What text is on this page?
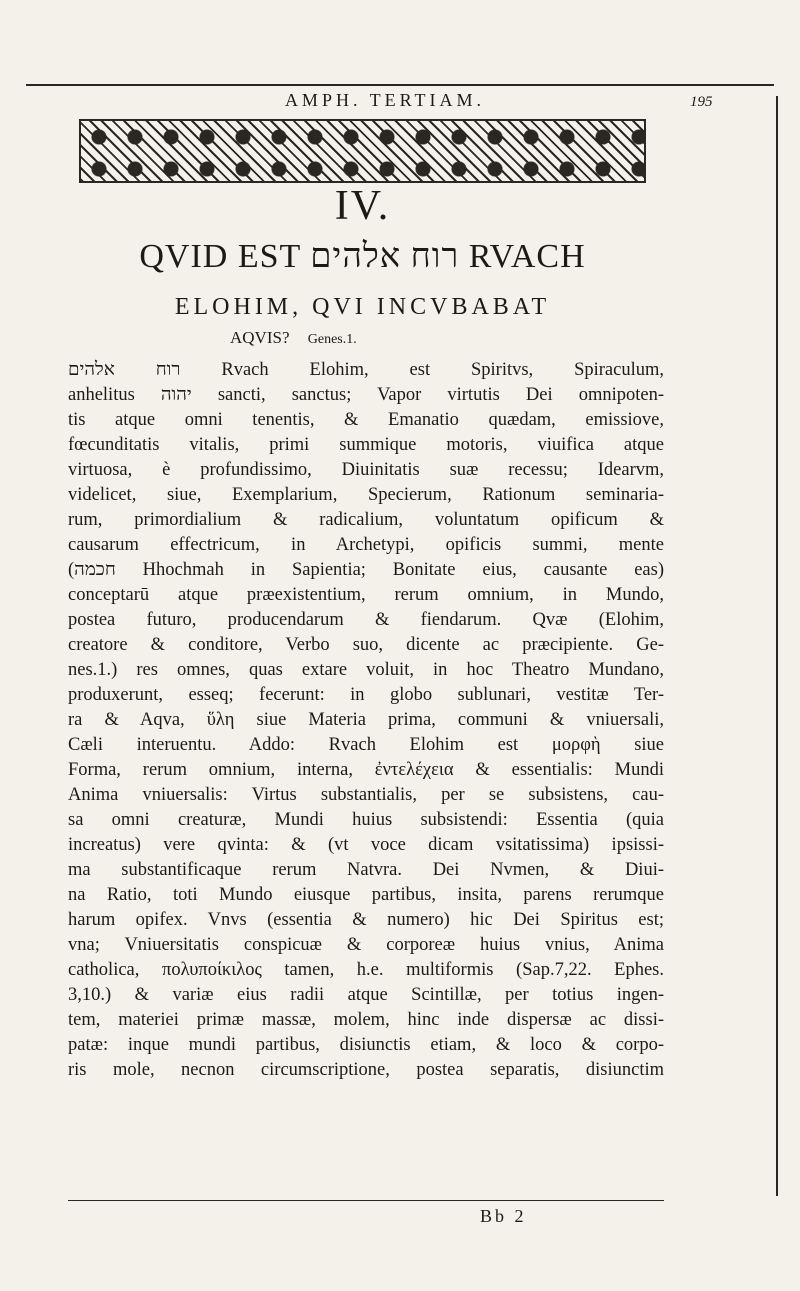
AMPH. TERTIAM.	195
IV.
QVID EST רוח אלהים RVACH
ELOHIM, QVI INCVBABAT
AQVIS? Genes.1.
רוח אלהים Rvach Elohim, est Spiritvs, Spiraculum,
anhelitus יהוה sancti, sanctus; Vapor virtutis Dei omnipoten-
tis atque omni tenentis, & Emanatio quædam, emissiove,
fœcunditatis vitalis, primi summique motoris, viuifica atque
virtuosa, è profundissimo, Diuinitatis suæ recessu; Idearvm,
videlicet, siue, Exemplarium, Specierum, Rationum seminaria-
rum, primordialium & radicalium, voluntatum opificum &
causarum effectricum, in Archetypi, opificis summi, mente
(חכמה Hhochmah in Sapientia; Bonitate eius, causante eas)
conceptarū atque præexistentium, rerum omnium, in Mundo,
postea futuro, producendarum & fiendarum. Qvæ (Elohim,
creatore & conditore, Verbo suo, dicente ac præcipiente. Ge-
nes.1.) res omnes, quas extare voluit, in hoc Theatro Mundano,
produxerunt, esseq; fecerunt: in globo sublunari, vestitæ Ter-
ra & Aqva, ὕλη siue Materia prima, communi & vniuersali,
Cæli interuentu. Addo: Rvach Elohim est μορφὴ siue
Forma, rerum omnium, interna, ἐντελέχεια & essentialis: Mundi
Anima vniuersalis: Virtus substantialis, per se subsistens, cau-
sa omni creaturæ, Mundi huius subsistendi: Essentia (quia
increatus) vere qvinta: & (vt voce dicam vsitatissima) ipsissi-
ma substantificaque rerum Natvra. Dei Nvmen, & Diui-
na Ratio, toti Mundo eiusque partibus, insita, parens rerumque
harum opifex. Vnvs (essentia & numero) hic Dei Spiritus est;
vna; Vniuersitatis conspicuæ & corporeæ huius vnius, Anima
catholica, πολυποίκιλος tamen, h.e. multiformis (Sap.7,22. Ephes.
3,10.) & variæ eius radii atque Scintillæ, per totius ingen-
tem, materiei primæ massæ, molem, hinc inde dispersæ ac dissi-
patæ: inque mundi partibus, disiunctis etiam, & loco & corpo-
ris mole, necnon circumscriptione, postea separatis, disiunctim
Bb 2
